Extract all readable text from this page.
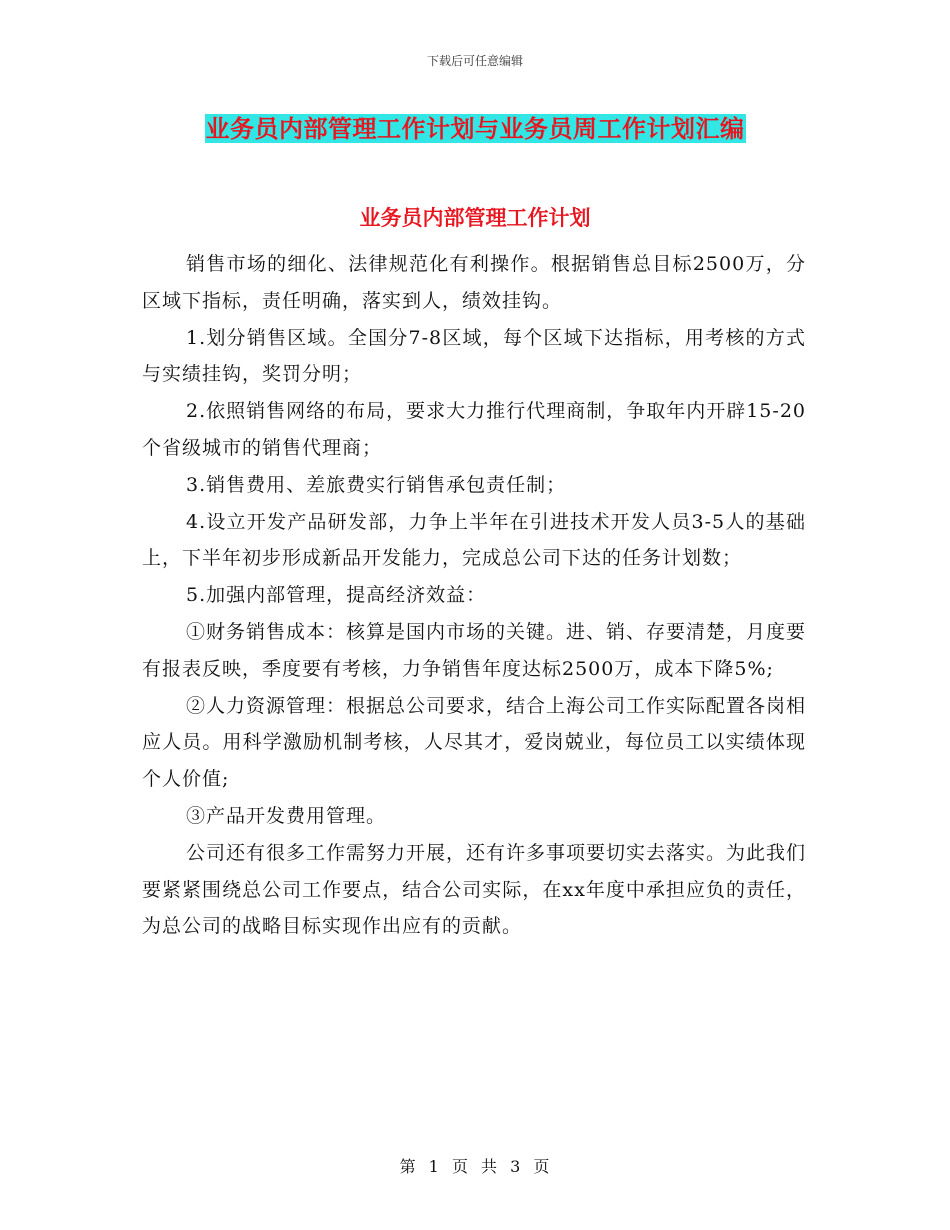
下载后可任意编辑
业务员内部管理工作计划与业务员周工作计划汇编
业务员内部管理工作计划

销售市场的细化、法律规范化有利操作。根据销售总目标2500万，分区域下指标，责任明确，落实到人，绩效挂钩。

1.划分销售区域。全国分7-8区域，每个区域下达指标，用考核的方式与实绩挂钩，奖罚分明；

2.依照销售网络的布局，要求大力推行代理商制，争取年内开辟15-20个省级城市的销售代理商；

3.销售费用、差旅费实行销售承包责任制；

4.设立开发产品研发部，力争上半年在引进技术开发人员3-5人的基础上，下半年初步形成新品开发能力，完成总公司下达的任务计划数；

5.加强内部管理，提高经济效益：

①财务销售成本：核算是国内市场的关键。进、销、存要清楚，月度要有报表反映，季度要有考核，力争销售年度达标2500万，成本下降5%;

②人力资源管理：根据总公司要求，结合上海公司工作实际配置各岗相应人员。用科学激励机制考核，人尽其才，爱岗兢业，每位员工以实绩体现个人价值;

③产品开发费用管理。

公司还有很多工作需努力开展，还有许多事项要切实去落实。为此我们要紧紧围绕总公司工作要点，结合公司实际，在xx年度中承担应负的责任，为总公司的战略目标实现作出应有的贡献。

第 1 页 共 3 页
